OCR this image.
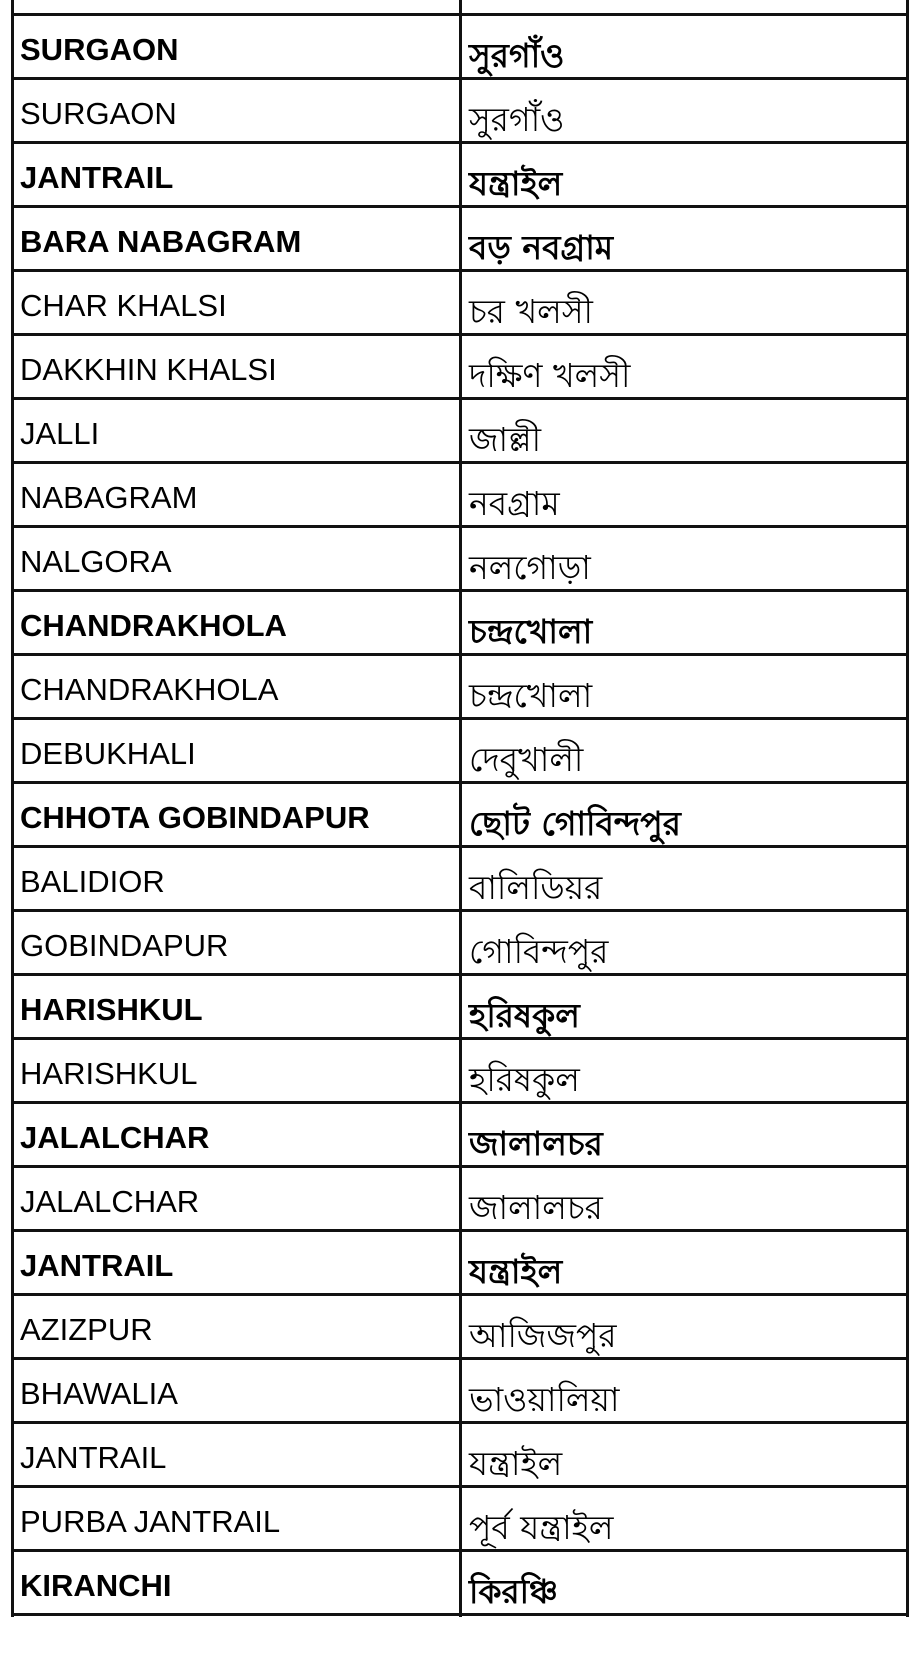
SURGAON	সুরগাঁও
SURGAON	সুরগাঁও
JANTRAIL	যন্ত্রাইল
BARA NABAGRAM	বড় নবগ্রাম
CHAR KHALSI	চর খলসী
DAKKHIN KHALSI	দক্ষিণ খলসী
JALLI	জাল্লী
NABAGRAM	নবগ্রাম
NALGORA	নলগোড়া
CHANDRAKHOLA	চন্দ্রখোলা
CHANDRAKHOLA	চন্দ্রখোলা
DEBUKHALI	দেবুখালী
CHHOTA GOBINDAPUR	ছোট গোবিন্দপুর
BALIDIOR	বালিডিয়র
GOBINDAPUR	গোবিন্দপুর
HARISHKUL	হরিষকুল
HARISHKUL	হরিষকুল
JALALCHAR	জালালচর
JALALCHAR	জালালচর
JANTRAIL	যন্ত্রাইল
AZIZPUR	আজিজপুর
BHAWALIA	ভাওয়ালিয়া
JANTRAIL	যন্ত্রাইল
PURBA JANTRAIL	পূর্ব যন্ত্রাইল
KIRANCHI	কিরঞ্চি
